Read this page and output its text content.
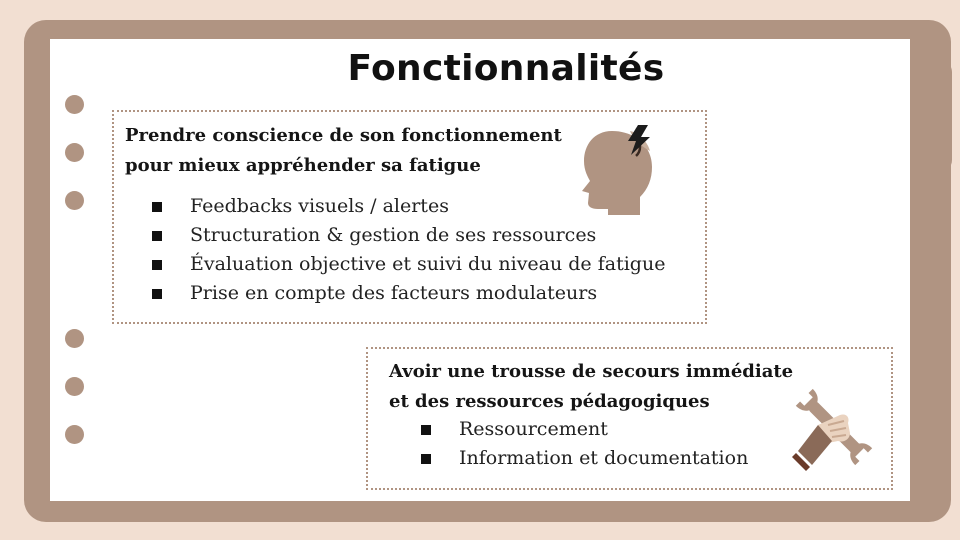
Fonctionnalités
Prendre conscience de son fonctionnement
pour mieux appréhender sa fatigue
Feedbacks visuels / alertes
Structuration & gestion de ses ressources
Évaluation objective et suivi du niveau de fatigue
Prise en compte des facteurs modulateurs
Avoir une trousse de secours immédiate
et des ressources pédagogiques
Ressourcement
Information et documentation
